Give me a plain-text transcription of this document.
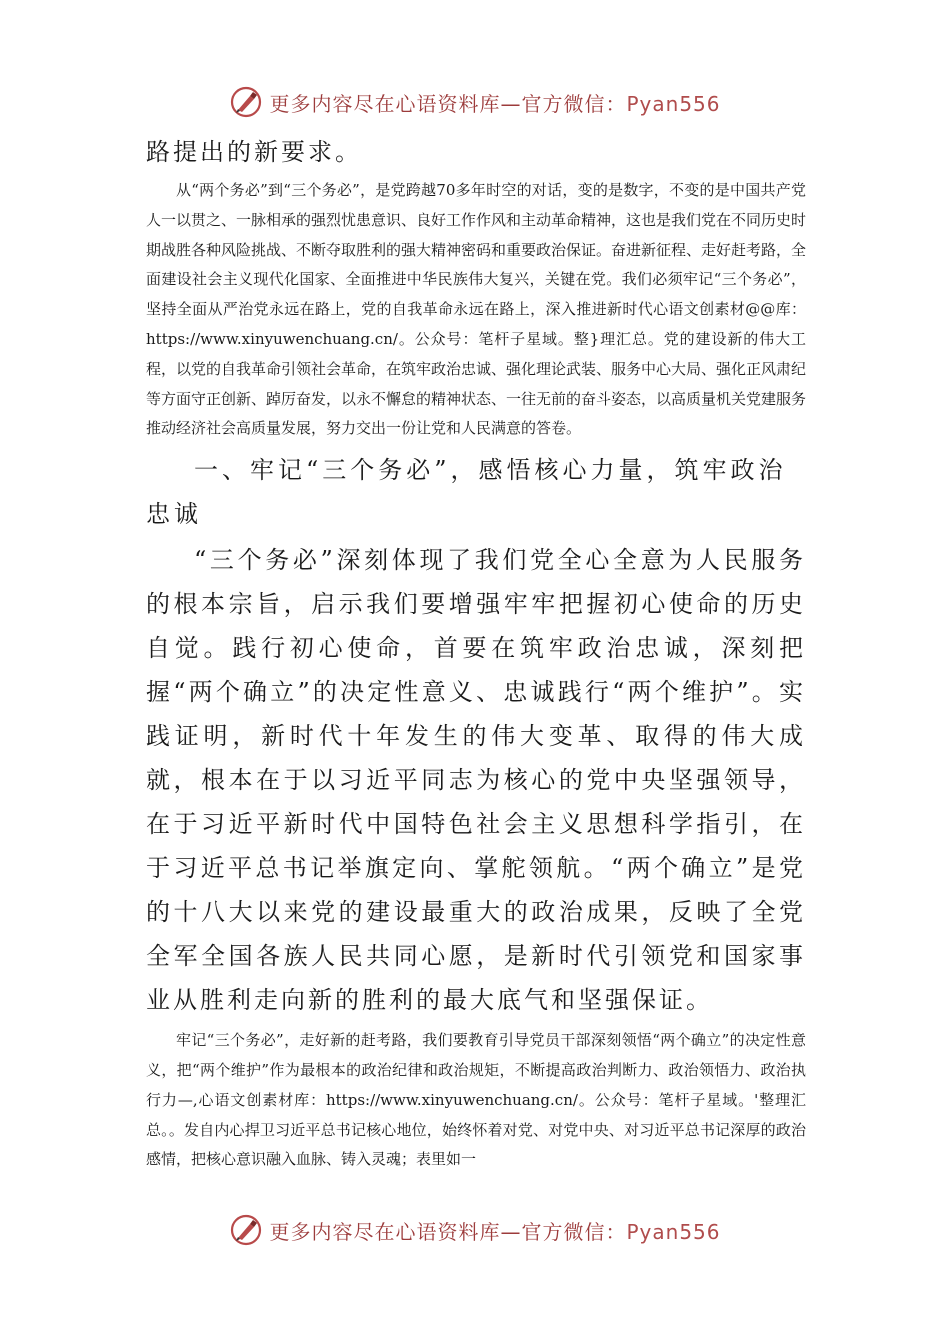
更多内容尽在心语资料库—官方微信：Pyan556

路提出的新要求。

从“两个务必”到“三个务必”，是党跨越70多年时空的对话，变的是数字，不变的是中国共产党人一以贯之、一脉相承的强烈忧患意识、良好工作作风和主动革命精神，这也是我们党在不同历史时期战胜各种风险挑战、不断夺取胜利的强大精神密码和重要政治保证。奋进新征程、走好赶考路，全面建设社会主义现代化国家、全面推进中华民族伟大复兴，关键在党。我们必须牢记“三个务必”，坚持全面从严治党永远在路上，党的自我革命永远在路上，深入推进新时代心语文创素材@@库：https://www.xinyuwenchuang.cn/。公众号：笔杆子星域。整}理汇总。党的建设新的伟大工程，以党的自我革命引领社会革命，在筑牢政治忠诚、强化理论武装、服务中心大局、强化正风肃纪等方面守正创新、踔厉奋发，以永不懈怠的精神状态、一往无前的奋斗姿态，以高质量机关党建服务推动经济社会高质量发展，努力交出一份让党和人民满意的答卷。

一、牢记“三个务必”，感悟核心力量，筑牢政治忠诚

“三个务必”深刻体现了我们党全心全意为人民服务的根本宗旨，启示我们要增强牢牢把握初心使命的历史自觉。践行初心使命，首要在筑牢政治忠诚，深刻把握“两个确立”的决定性意义、忠诚践行“两个维护”。实践证明，新时代十年发生的伟大变革、取得的伟大成就，根本在于以习近平同志为核心的党中央坚强领导，在于习近平新时代中国特色社会主义思想科学指引，在于习近平总书记举旗定向、掌舵领航。“两个确立”是党的十八大以来党的建设最重大的政治成果，反映了全党全军全国各族人民共同心愿，是新时代引领党和国家事业从胜利走向新的胜利的最大底气和坚强保证。

牢记“三个务必”，走好新的赶考路，我们要教育引导党员干部深刻领悟“两个确立”的决定性意义，把“两个维护”作为最根本的政治纪律和政治规矩，不断提高政治判断力、政治领悟力、政治执行力—,心语文创素材库：https://www.xinyuwenchuang.cn/。公众号：笔杆子星域。'整理汇总。。发自内心捍卫习近平总书记核心地位，始终怀着对党、对党中央、对习近平总书记深厚的政治感情，把核心意识融入血脉、铸入灵魂；表里如一

更多内容尽在心语资料库—官方微信：Pyan556
